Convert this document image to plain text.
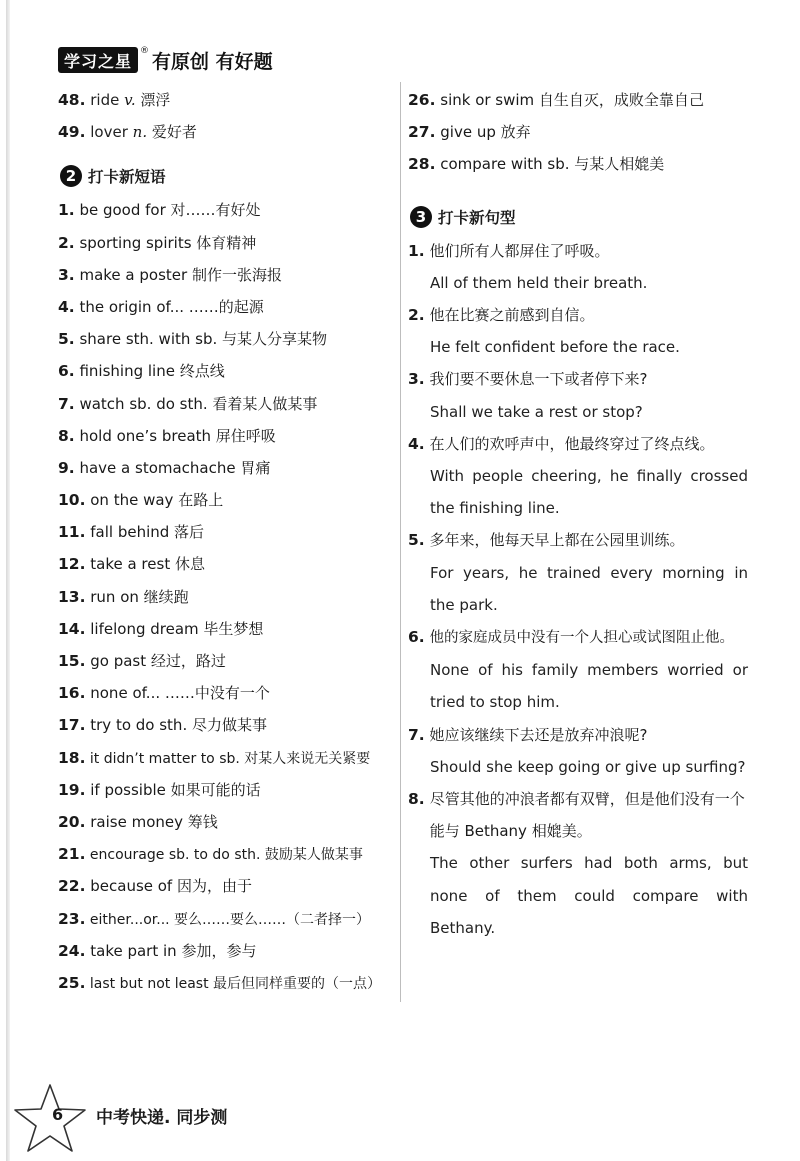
学习之星
® 有原创 有好题
48. ride v. 漂浮
49. lover n. 爱好者
2 打卡新短语
1. be good for 对……有好处
2. sporting spirits 体育精神
3. make a poster 制作一张海报
4. the origin of... ……的起源
5. share sth. with sb. 与某人分享某物
6. finishing line 终点线
7. watch sb. do sth. 看着某人做某事
8. hold one’s breath 屏住呼吸
9. have a stomachache 胃痛
10. on the way 在路上
11. fall behind 落后
12. take a rest 休息
13. run on 继续跑
14. lifelong dream 毕生梦想
15. go past 经过，路过
16. none of... ……中没有一个
17. try to do sth. 尽力做某事
18. it didn’t matter to sb. 对某人来说无关紧要
19. if possible 如果可能的话
20. raise money 筹钱
21. encourage sb. to do sth. 鼓励某人做某事
22. because of 因为，由于
23. either...or... 要么……要么……（二者择一）
24. take part in 参加，参与
25. last but not least 最后但同样重要的（一点）
26. sink or swim 自生自灭，成败全靠自己
27. give up 放弃
28. compare with sb. 与某人相媲美
3 打卡新句型
1. 他们所有人都屏住了呼吸。
All of them held their breath.
2. 他在比赛之前感到自信。
He felt confident before the race.
3. 我们要不要休息一下或者停下来?
Shall we take a rest or stop?
4. 在人们的欢呼声中，他最终穿过了终点线。
With people cheering, he finally crossed the finishing line.
5. 多年来，他每天早上都在公园里训练。
For years, he trained every morning in the park.
6. 他的家庭成员中没有一个人担心或试图阻止他。
None of his family members worried or tried to stop him.
7. 她应该继续下去还是放弃冲浪呢?
Should she keep going or give up surfing?
8. 尽管其他的冲浪者都有双臂，但是他们没有一个能与 Bethany 相媲美。
The other surfers had both arms, but none of them could compare with Bethany.
6 中考快递. 同步测
